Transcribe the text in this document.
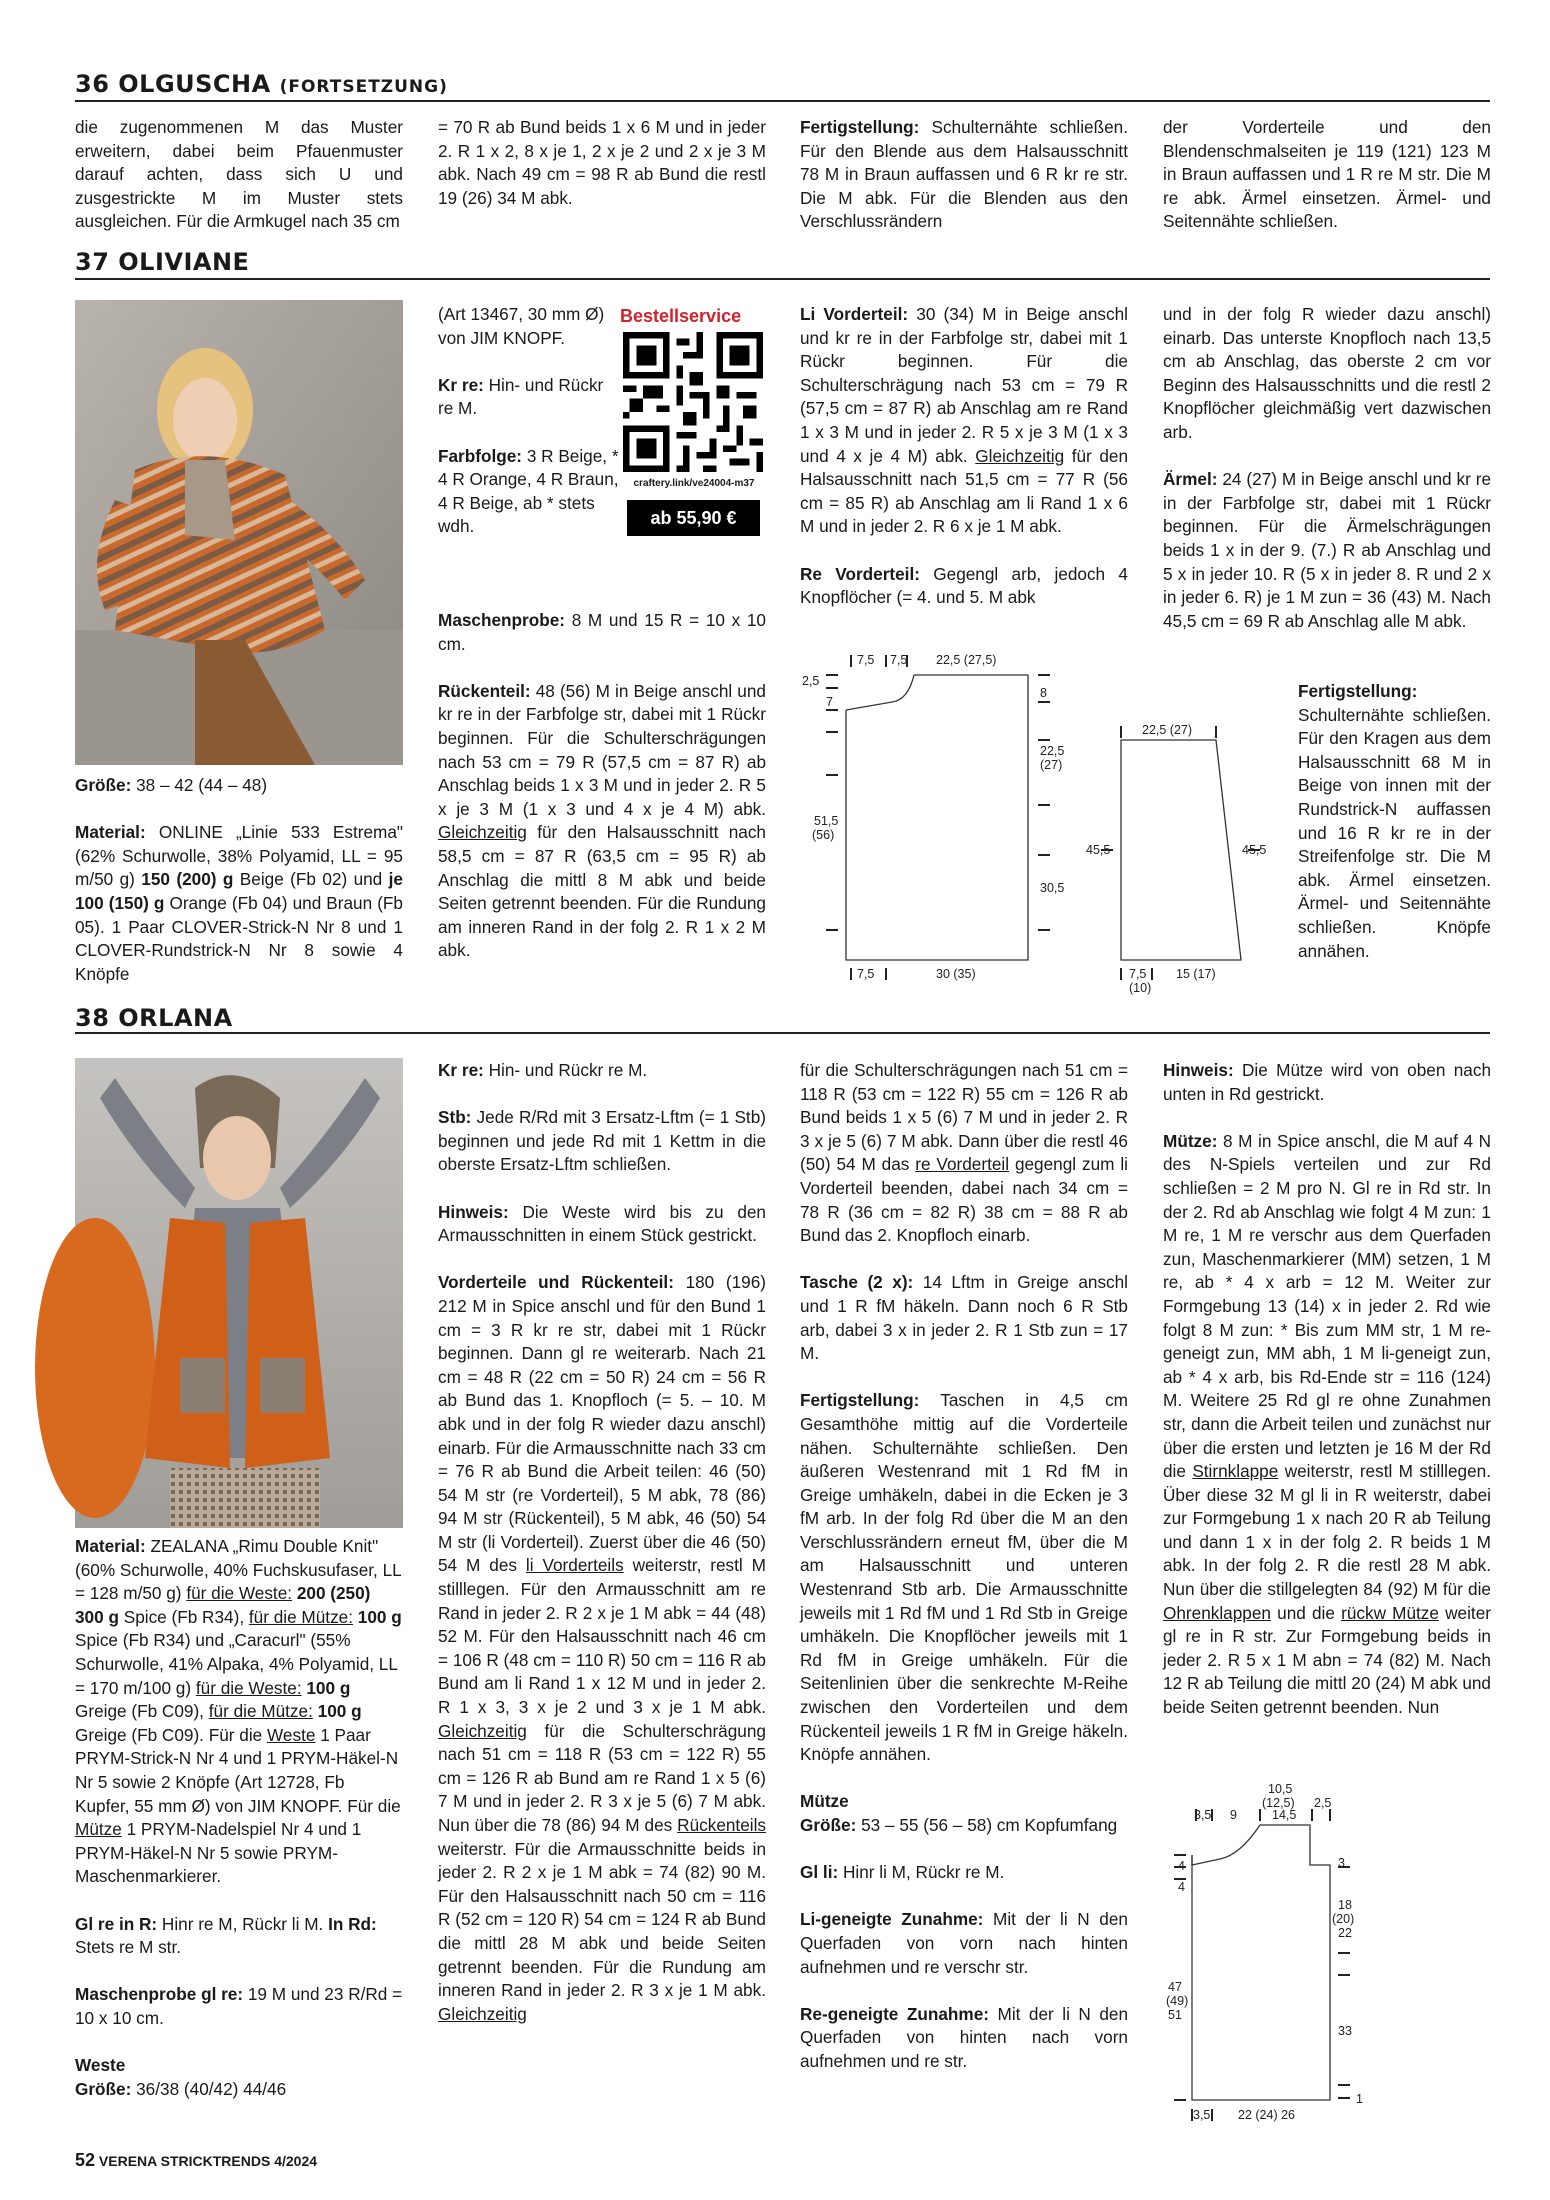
36 OLGUSCHA (FORTSETZUNG)

die zugenommenen M das Muster erweitern, dabei beim Pfauenmuster darauf achten, dass sich U und zusgestrickte M im Muster stets ausgleichen. Für die Armkugel nach 35 cm

= 70 R ab Bund beids 1 x 6 M und in jeder 2. R 1 x 2, 8 x je 1, 2 x je 2 und 2 x je 3 M abk. Nach 49 cm = 98 R ab Bund die restl 19 (26) 34 M abk.

Fertigstellung: Schulternähte schließen. Für den Blende aus dem Halsausschnitt 78 M in Braun auffassen und 6 R kr re str. Die M abk. Für die Blenden aus den Verschlussrändern

der Vorderteile und den Blendenschmalseiten je 119 (121) 123 M in Braun auffassen und 1 R re M str. Die M re abk. Ärmel einsetzen. Ärmel- und Seitennähte schließen.

37 OLIVIANE

Größe: 38 – 42 (44 – 48)

Material: ONLINE „Linie 533 Estrema" (62% Schurwolle, 38% Polyamid, LL = 95 m/50 g) 150 (200) g Beige (Fb 02) und je 100 (150) g Orange (Fb 04) und Braun (Fb 05). 1 Paar CLOVER-Strick-N Nr 8 und 1 CLOVER-Rundstrick-N Nr 8 sowie 4 Knöpfe

(Art 13467, 30 mm Ø) von JIM KNOPF.

Kr re: Hin- und Rückr re M.

Farbfolge: 3 R Beige, * 4 R Orange, 4 R Braun, 4 R Beige, ab * stets wdh.

Bestellservice
craftery.link/ve24004-m37
ab 55,90 €

Maschenprobe: 8 M und 15 R = 10 x 10 cm.

Rückenteil: 48 (56) M in Beige anschl und kr re in der Farbfolge str, dabei mit 1 Rückr beginnen. Für die Schulterschrägungen nach 53 cm = 79 R (57,5 cm = 87 R) ab Anschlag beids 1 x 3 M und in jeder 2. R 5 x je 3 M (1 x 3 und 4 x je 4 M) abk. Gleichzeitig für den Halsausschnitt nach 58,5 cm = 87 R (63,5 cm = 95 R) ab Anschlag die mittl 8 M abk und beide Seiten getrennt beenden. Für die Rundung am inneren Rand in der folg 2. R 1 x 2 M abk.

Li Vorderteil: 30 (34) M in Beige anschl und kr re in der Farbfolge str, dabei mit 1 Rückr beginnen. Für die Schulterschrägung nach 53 cm = 79 R (57,5 cm = 87 R) ab Anschlag am re Rand 1 x 3 M und in jeder 2. R 5 x je 3 M (1 x 3 und 4 x je 4 M) abk. Gleichzeitig für den Halsausschnitt nach 51,5 cm = 77 R (56 cm = 85 R) ab Anschlag am li Rand 1 x 6 M und in jeder 2. R 6 x je 1 M abk.

Re Vorderteil: Gegengl arb, jedoch 4 Knopflöcher (= 4. und 5. M abk

und in der folg R wieder dazu anschl) einarb. Das unterste Knopfloch nach 13,5 cm ab Anschlag, das oberste 2 cm vor Beginn des Halsausschnitts und die restl 2 Knopflöcher gleichmäßig vert dazwischen arb.

Ärmel: 24 (27) M in Beige anschl und kr re in der Farbfolge str, dabei mit 1 Rückr beginnen. Für die Ärmelschrägungen beids 1 x in der 9. (7.) R ab Anschlag und 5 x in jeder 10. R (5 x in jeder 8. R und 2 x in jeder 6. R) je 1 M zun = 36 (43) M. Nach 45,5 cm = 69 R ab Anschlag alle M abk.

Fertigstellung: Schulternähte schließen. Für den Kragen aus dem Halsausschnitt 68 M in Beige von innen mit der Rundstrick-N auffassen und 16 R kr re in der Streifenfolge str. Die M abk. Ärmel einsetzen. Ärmel- und Seitennähte schließen. Knöpfe annähen.

7,5 7,5 22,5 (27,5)
2,5
7
51,5
(56)
8
22,5
(27)
30,5
7,5	30 (35)
22,5 (27)
45,5	45,5
7,5
(10)
15 (17)
38 ORLANA

Material: ZEALANA „Rimu Double Knit" (60% Schurwolle, 40% Fuchskusufaser, LL = 128 m/50 g) für die Weste: 200 (250) 300 g Spice (Fb R34), für die Mütze: 100 g Spice (Fb R34) und „Caracurl" (55% Schurwolle, 41% Alpaka, 4% Polyamid, LL = 170 m/100 g) für die Weste: 100 g Greige (Fb C09), für die Mütze: 100 g Greige (Fb C09). Für die Weste 1 Paar PRYM-Strick-N Nr 4 und 1 PRYM-Häkel-N Nr 5 sowie 2 Knöpfe (Art 12728, Fb Kupfer, 55 mm Ø) von JIM KNOPF. Für die Mütze 1 PRYM-Nadelspiel Nr 4 und 1 PRYM-Häkel-N Nr 5 sowie PRYM-Maschenmarkierer.

Gl re in R: Hinr re M, Rückr li M. In Rd: Stets re M str.

Maschenprobe gl re: 19 M und 23 R/Rd = 10 x 10 cm.

Weste
Größe: 36/38 (40/42) 44/46

Kr re: Hin- und Rückr re M.

Stb: Jede R/Rd mit 3 Ersatz-Lftm (= 1 Stb) beginnen und jede Rd mit 1 Kettm in die oberste Ersatz-Lftm schließen.

Hinweis: Die Weste wird bis zu den Armausschnitten in einem Stück gestrickt.

Vorderteile und Rückenteil: 180 (196) 212 M in Spice anschl und für den Bund 1 cm = 3 R kr re str, dabei mit 1 Rückr beginnen. Dann gl re weiterarb. Nach 21 cm = 48 R (22 cm = 50 R) 24 cm = 56 R ab Bund das 1. Knopfloch (= 5. – 10. M abk und in der folg R wieder dazu anschl) einarb. Für die Armausschnitte nach 33 cm = 76 R ab Bund die Arbeit teilen: 46 (50) 54 M str (re Vorderteil), 5 M abk, 78 (86) 94 M str (Rückenteil), 5 M abk, 46 (50) 54 M str (li Vorderteil). Zuerst über die 46 (50) 54 M des li Vorderteils weiterstr, restl M stilllegen. Für den Armausschnitt am re Rand in jeder 2. R 2 x je 1 M abk = 44 (48) 52 M. Für den Halsausschnitt nach 46 cm = 106 R (48 cm = 110 R) 50 cm = 116 R ab Bund am li Rand 1 x 12 M und in jeder 2. R 1 x 3, 3 x je 2 und 3 x je 1 M abk. Gleichzeitig für die Schulterschrägung nach 51 cm = 118 R (53 cm = 122 R) 55 cm = 126 R ab Bund am re Rand 1 x 5 (6) 7 M und in jeder 2. R 3 x je 5 (6) 7 M abk. Nun über die 78 (86) 94 M des Rückenteils weiterstr. Für die Armausschnitte beids in jeder 2. R 2 x je 1 M abk = 74 (82) 90 M. Für den Halsausschnitt nach 50 cm = 116 R (52 cm = 120 R) 54 cm = 124 R ab Bund die mittl 28 M abk und beide Seiten getrennt beenden. Für die Rundung am inneren Rand in jeder 2. R 3 x je 1 M abk. Gleichzeitig

für die Schulterschrägungen nach 51 cm = 118 R (53 cm = 122 R) 55 cm = 126 R ab Bund beids 1 x 5 (6) 7 M und in jeder 2. R 3 x je 5 (6) 7 M abk. Dann über die restl 46 (50) 54 M das re Vorderteil gegengl zum li Vorderteil beenden, dabei nach 34 cm = 78 R (36 cm = 82 R) 38 cm = 88 R ab Bund das 2. Knopfloch einarb.

Tasche (2 x): 14 Lftm in Greige anschl und 1 R fM häkeln. Dann noch 6 R Stb arb, dabei 3 x in jeder 2. R 1 Stb zun = 17 M.

Fertigstellung: Taschen in 4,5 cm Gesamthöhe mittig auf die Vorderteile nähen. Schulternähte schließen. Den äußeren Westenrand mit 1 Rd fM in Greige umhäkeln, dabei in die Ecken je 3 fM arb. In der folg Rd über die M an den Verschlussrändern erneut fM, über die M am Halsausschnitt und unteren Westenrand Stb arb. Die Armausschnitte jeweils mit 1 Rd fM und 1 Rd Stb in Greige umhäkeln. Die Knopflöcher jeweils mit 1 Rd fM in Greige umhäkeln. Für die Seitenlinien über die senkrechte M-Reihe zwischen den Vorderteilen und dem Rückenteil jeweils 1 R fM in Greige häkeln. Knöpfe annähen.

Mütze

Größe: 53 – 55 (56 – 58) cm Kopfumfang

Gl li: Hinr li M, Rückr re M.

Li-geneigte Zunahme: Mit der li N den Querfaden von vorn nach hinten aufnehmen und re verschr str.

Re-geneigte Zunahme: Mit der li N den Querfaden von hinten nach vorn aufnehmen und re str.

Hinweis: Die Mütze wird von oben nach unten in Rd gestrickt.

Mütze: 8 M in Spice anschl, die M auf 4 N des N-Spiels verteilen und zur Rd schließen = 2 M pro N. Gl re in Rd str. In der 2. Rd ab Anschlag wie folgt 4 M zun: 1 M re, 1 M re verschr aus dem Querfaden zun, Maschenmarkierer (MM) setzen, 1 M re, ab * 4 x arb = 12 M. Weiter zur Formgebung 13 (14) x in jeder 2. Rd wie folgt 8 M zun: * Bis zum MM str, 1 M re-geneigt zun, MM abh, 1 M li-geneigt zun, ab * 4 x arb, bis Rd-Ende str = 116 (124) M. Weitere 25 Rd gl re ohne Zunahmen str, dann die Arbeit teilen und zunächst nur über die ersten und letzten je 16 M der Rd die Stirnklappe weiterstr, restl M stilllegen. Über diese 32 M gl li in R weiterstr, dabei zur Formgebung 1 x nach 20 R ab Teilung und dann 1 x in der folg 2. R beids 1 M abk. In der folg 2. R die restl 28 M abk. Nun über die stillgelegten 84 (92) M für die Ohrenklappen und die rückw Mütze weiter gl re in R str. Zur Formgebung beids in jeder 2. R 5 x 1 M abn = 74 (82) M. Nach 12 R ab Teilung die mittl 20 (24) M abk und beide Seiten getrennt beenden. Nun

10,5
(12,5) 2,5
3,5 9	14,5
4
4
3
18
(20)
22
47
(49)
51
33
1
3,5 22 (24) 26
52 VERENA STRICKTRENDS 4/2024
